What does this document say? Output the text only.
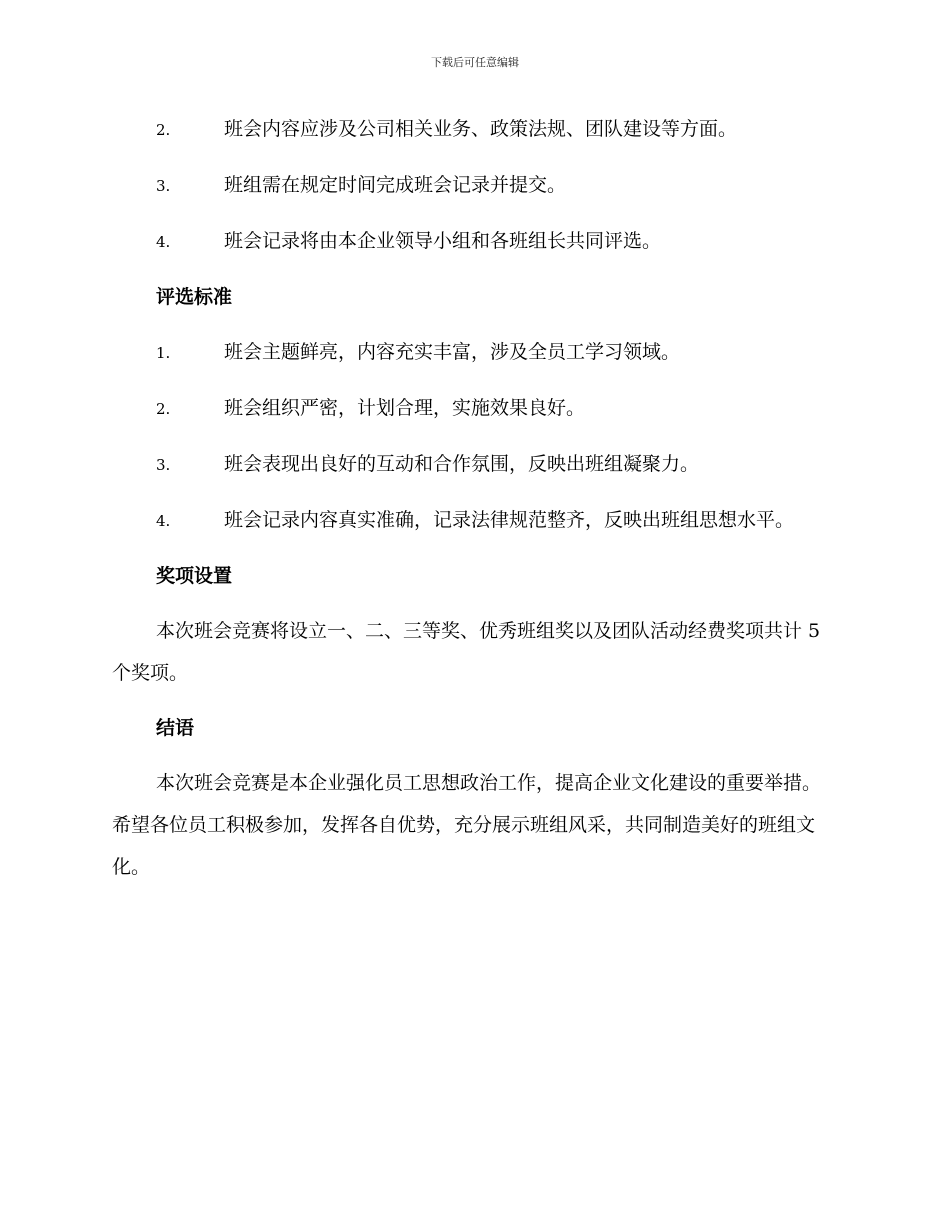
下载后可任意编辑
2.	班会内容应涉及公司相关业务、政策法规、团队建设等方面。
3.	班组需在规定时间完成班会记录并提交。
4.	班会记录将由本企业领导小组和各班组长共同评选。
评选标准
1.	班会主题鲜亮，内容充实丰富，涉及全员工学习领域。
2.	班会组织严密，计划合理，实施效果良好。
3.	班会表现出良好的互动和合作氛围，反映出班组凝聚力。
4.	班会记录内容真实准确，记录法律规范整齐，反映出班组思想水平。
奖项设置
本次班会竞赛将设立一、二、三等奖、优秀班组奖以及团队活动经费奖项共计 5 个奖项。
结语
本次班会竞赛是本企业强化员工思想政治工作，提高企业文化建设的重要举措。希望各位员工积极参加，发挥各自优势，充分展示班组风采，共同制造美好的班组文化。
